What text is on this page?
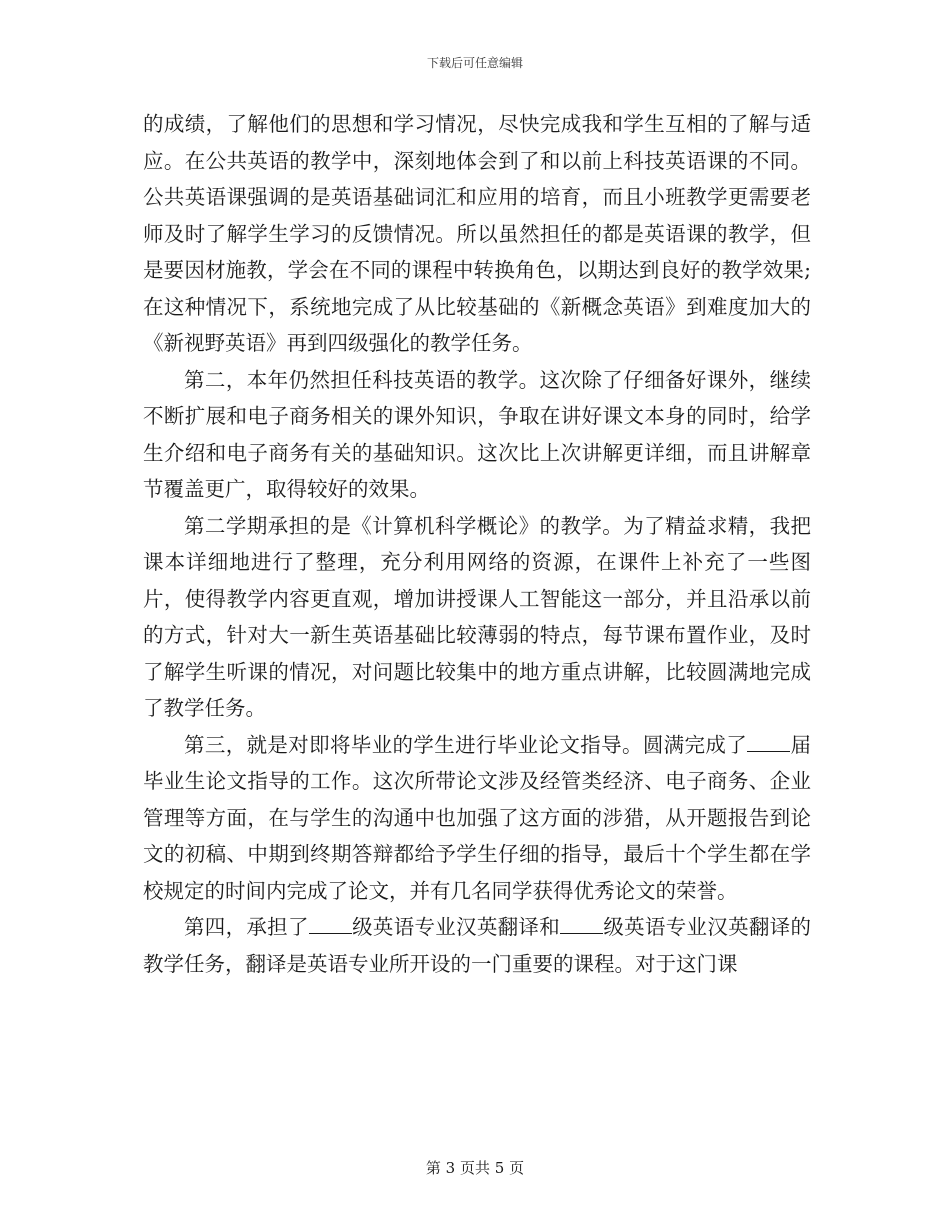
下载后可任意编辑

的成绩，了解他们的思想和学习情况，尽快完成我和学生互相的了解与适应。在公共英语的教学中，深刻地体会到了和以前上科技英语课的不同。公共英语课强调的是英语基础词汇和应用的培育，而且小班教学更需要老师及时了解学生学习的反馈情况。所以虽然担任的都是英语课的教学，但是要因材施教，学会在不同的课程中转换角色，以期达到良好的教学效果;在这种情况下，系统地完成了从比较基础的《新概念英语》到难度加大的《新视野英语》再到四级强化的教学任务。

第二，本年仍然担任科技英语的教学。这次除了仔细备好课外，继续不断扩展和电子商务相关的课外知识，争取在讲好课文本身的同时，给学生介绍和电子商务有关的基础知识。这次比上次讲解更详细，而且讲解章节覆盖更广，取得较好的效果。

第二学期承担的是《计算机科学概论》的教学。为了精益求精，我把课本详细地进行了整理，充分利用网络的资源，在课件上补充了一些图片，使得教学内容更直观，增加讲授课人工智能这一部分，并且沿承以前的方式，针对大一新生英语基础比较薄弱的特点，每节课布置作业，及时了解学生听课的情况，对问题比较集中的地方重点讲解，比较圆满地完成了教学任务。

第三，就是对即将毕业的学生进行毕业论文指导。圆满完成了 届毕业生论文指导的工作。这次所带论文涉及经管类经济、电子商务、企业管理等方面，在与学生的沟通中也加强了这方面的涉猎，从开题报告到论文的初稿、中期到终期答辩都给予学生仔细的指导，最后十个学生都在学校规定的时间内完成了论文，并有几名同学获得优秀论文的荣誉。

第四，承担了 级英语专业汉英翻译和 级英语专业汉英翻译的教学任务，翻译是英语专业所开设的一门重要的课程。对于这门课

第 3 页共 5 页
